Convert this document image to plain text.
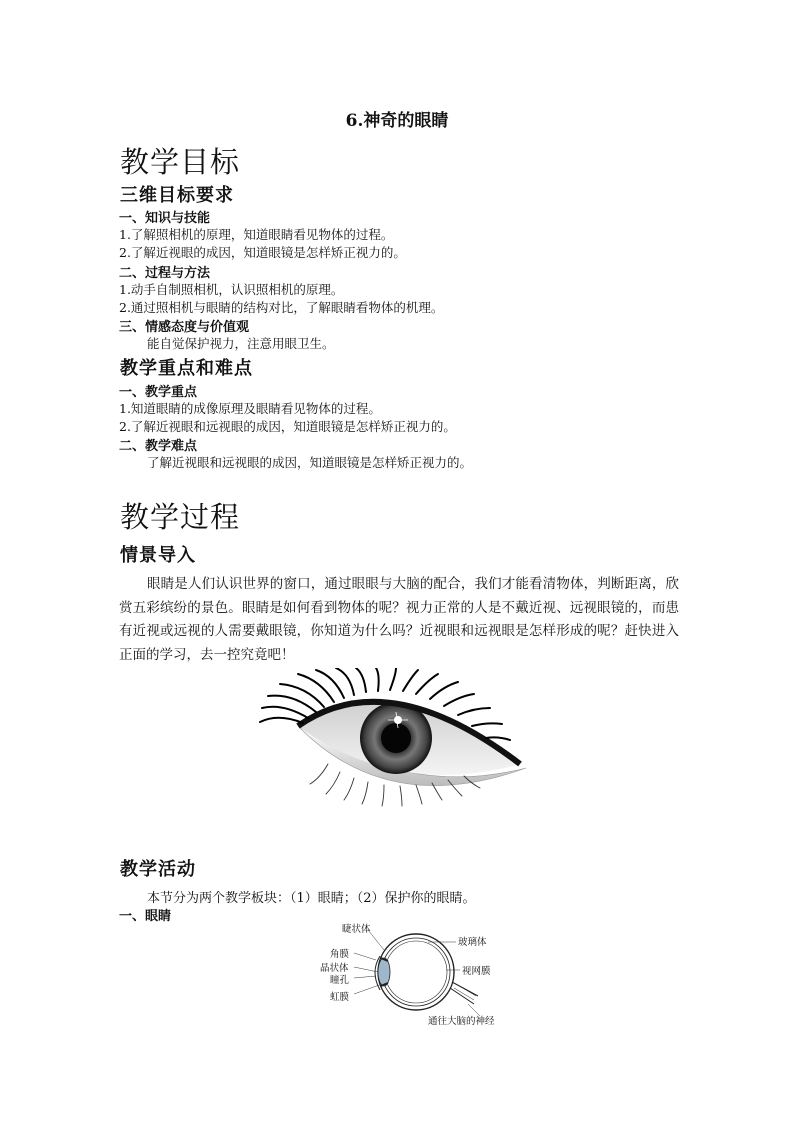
6.神奇的眼睛
教学目标
三维目标要求
一、知识与技能
1.了解照相机的原理，知道眼睛看见物体的过程。
2.了解近视眼的成因，知道眼镜是怎样矫正视力的。
二、过程与方法
1.动手自制照相机，认识照相机的原理。
2.通过照相机与眼睛的结构对比，了解眼睛看物体的机理。
三、情感态度与价值观
能自觉保护视力，注意用眼卫生。
教学重点和难点
一、教学重点
1.知道眼睛的成像原理及眼睛看见物体的过程。
2.了解近视眼和远视眼的成因，知道眼镜是怎样矫正视力的。
二、教学难点
了解近视眼和远视眼的成因，知道眼镜是怎样矫正视力的。
教学过程
情景导入
眼睛是人们认识世界的窗口，通过眼眼与大脑的配合，我们才能看清物体，判断距离，欣赏五彩缤纷的景色。眼睛是如何看到物体的呢？视力正常的人是不戴近视、远视眼镜的，而患有近视或远视的人需要戴眼镜，你知道为什么吗？近视眼和远视眼是怎样形成的呢？赶快进入正面的学习，去一控究竟吧！
教学活动
本节分为两个教学板块：（1）眼睛；（2）保护你的眼睛。
一、眼睛
睫状体
角膜
晶状体
瞳孔
虹膜
玻璃体
视网膜
通往大脑的神经
